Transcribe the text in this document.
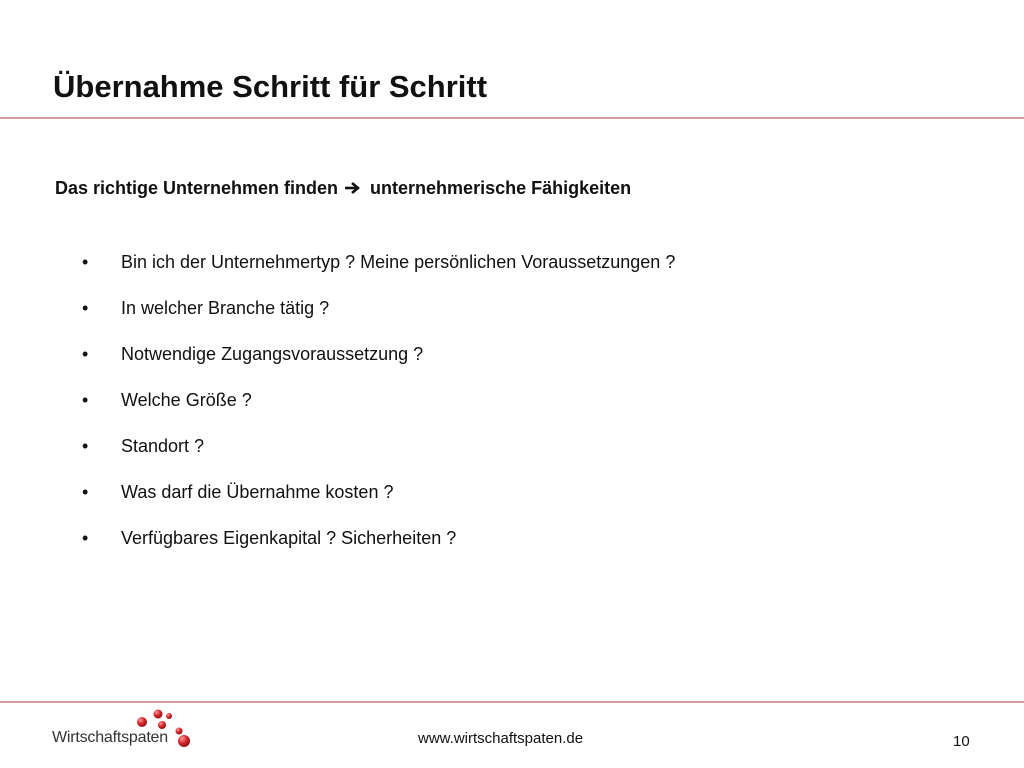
Übernahme Schritt für Schritt

Das richtige Unternehmen finden unternehmerische Fähigkeiten

• Bin ich der Unternehmertyp ? Meine persönlichen Voraussetzungen ?
• In welcher Branche tätig ?
• Notwendige Zugangsvoraussetzung ?
• Welche Größe ?
• Standort ?
• Was darf die Übernahme kosten ?
• Verfügbares Eigenkapital ? Sicherheiten ?
Wirtschaftspaten	www.wirtschaftspaten.de	10
